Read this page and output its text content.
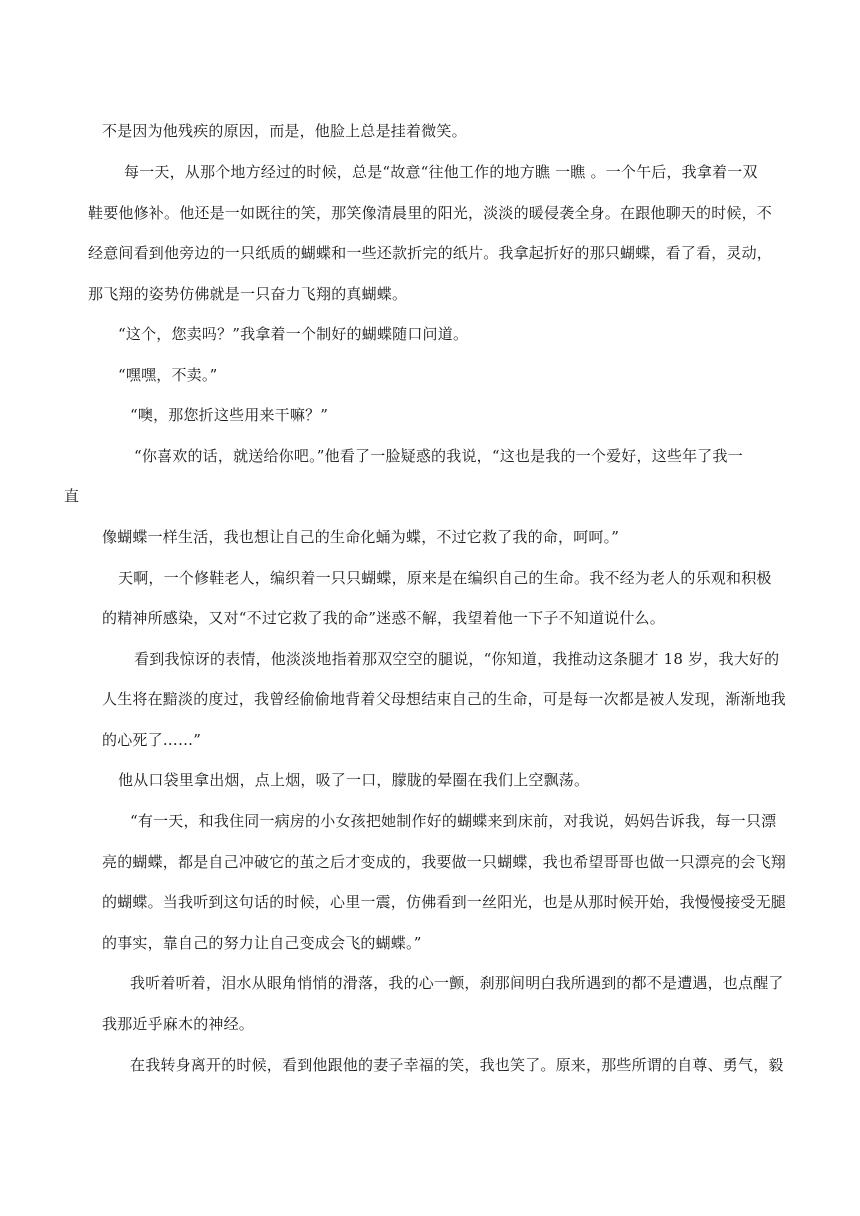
不是因为他残疾的原因，而是，他脸上总是挂着微笑。
每一天，从那个地方经过的时候，总是“故意“往他工作的地方瞧 一瞧 。一个午后，我拿着一双
鞋要他修补。他还是一如既往的笑，那笑像清晨里的阳光，淡淡的暖侵袭全身。在跟他聊天的时候，不
经意间看到他旁边的一只纸质的蝴蝶和一些还款折完的纸片。我拿起折好的那只蝴蝶，看了看，灵动，
那飞翔的姿势仿佛就是一只奋力飞翔的真蝴蝶。
“这个，您卖吗？”我拿着一个制好的蝴蝶随口问道。
“嘿嘿，不卖。”
“噢，那您折这些用来干嘛？”
“你喜欢的话，就送给你吧。”他看了一脸疑惑的我说，“这也是我的一个爱好，这些年了我一
直
像蝴蝶一样生活，我也想让自己的生命化蛹为蝶，不过它救了我的命，呵呵。”
天啊，一个修鞋老人，编织着一只只蝴蝶，原来是在编织自己的生命。我不经为老人的乐观和积极
的精神所感染，又对“不过它救了我的命”迷惑不解，我望着他一下子不知道说什么。
看到我惊讶的表情，他淡淡地指着那双空空的腿说，“你知道，我推动这条腿才 18 岁，我大好的
人生将在黯淡的度过，我曾经偷偷地背着父母想结束自己的生命，可是每一次都是被人发现，渐渐地我
的心死了……”
他从口袋里拿出烟，点上烟，吸了一口，朦胧的晕圈在我们上空飘荡。
“有一天，和我住同一病房的小女孩把她制作好的蝴蝶来到床前，对我说，妈妈告诉我，每一只漂
亮的蝴蝶，都是自己冲破它的茧之后才变成的，我要做一只蝴蝶，我也希望哥哥也做一只漂亮的会飞翔
的蝴蝶。当我听到这句话的时候，心里一震，仿佛看到一丝阳光，也是从那时候开始，我慢慢接受无腿
的事实，靠自己的努力让自己变成会飞的蝴蝶。”
我听着听着，泪水从眼角悄悄的滑落，我的心一颤，刹那间明白我所遇到的都不是遭遇，也点醒了
我那近乎麻木的神经。
在我转身离开的时候，看到他跟他的妻子幸福的笑，我也笑了。原来，那些所谓的自尊、勇气，毅
